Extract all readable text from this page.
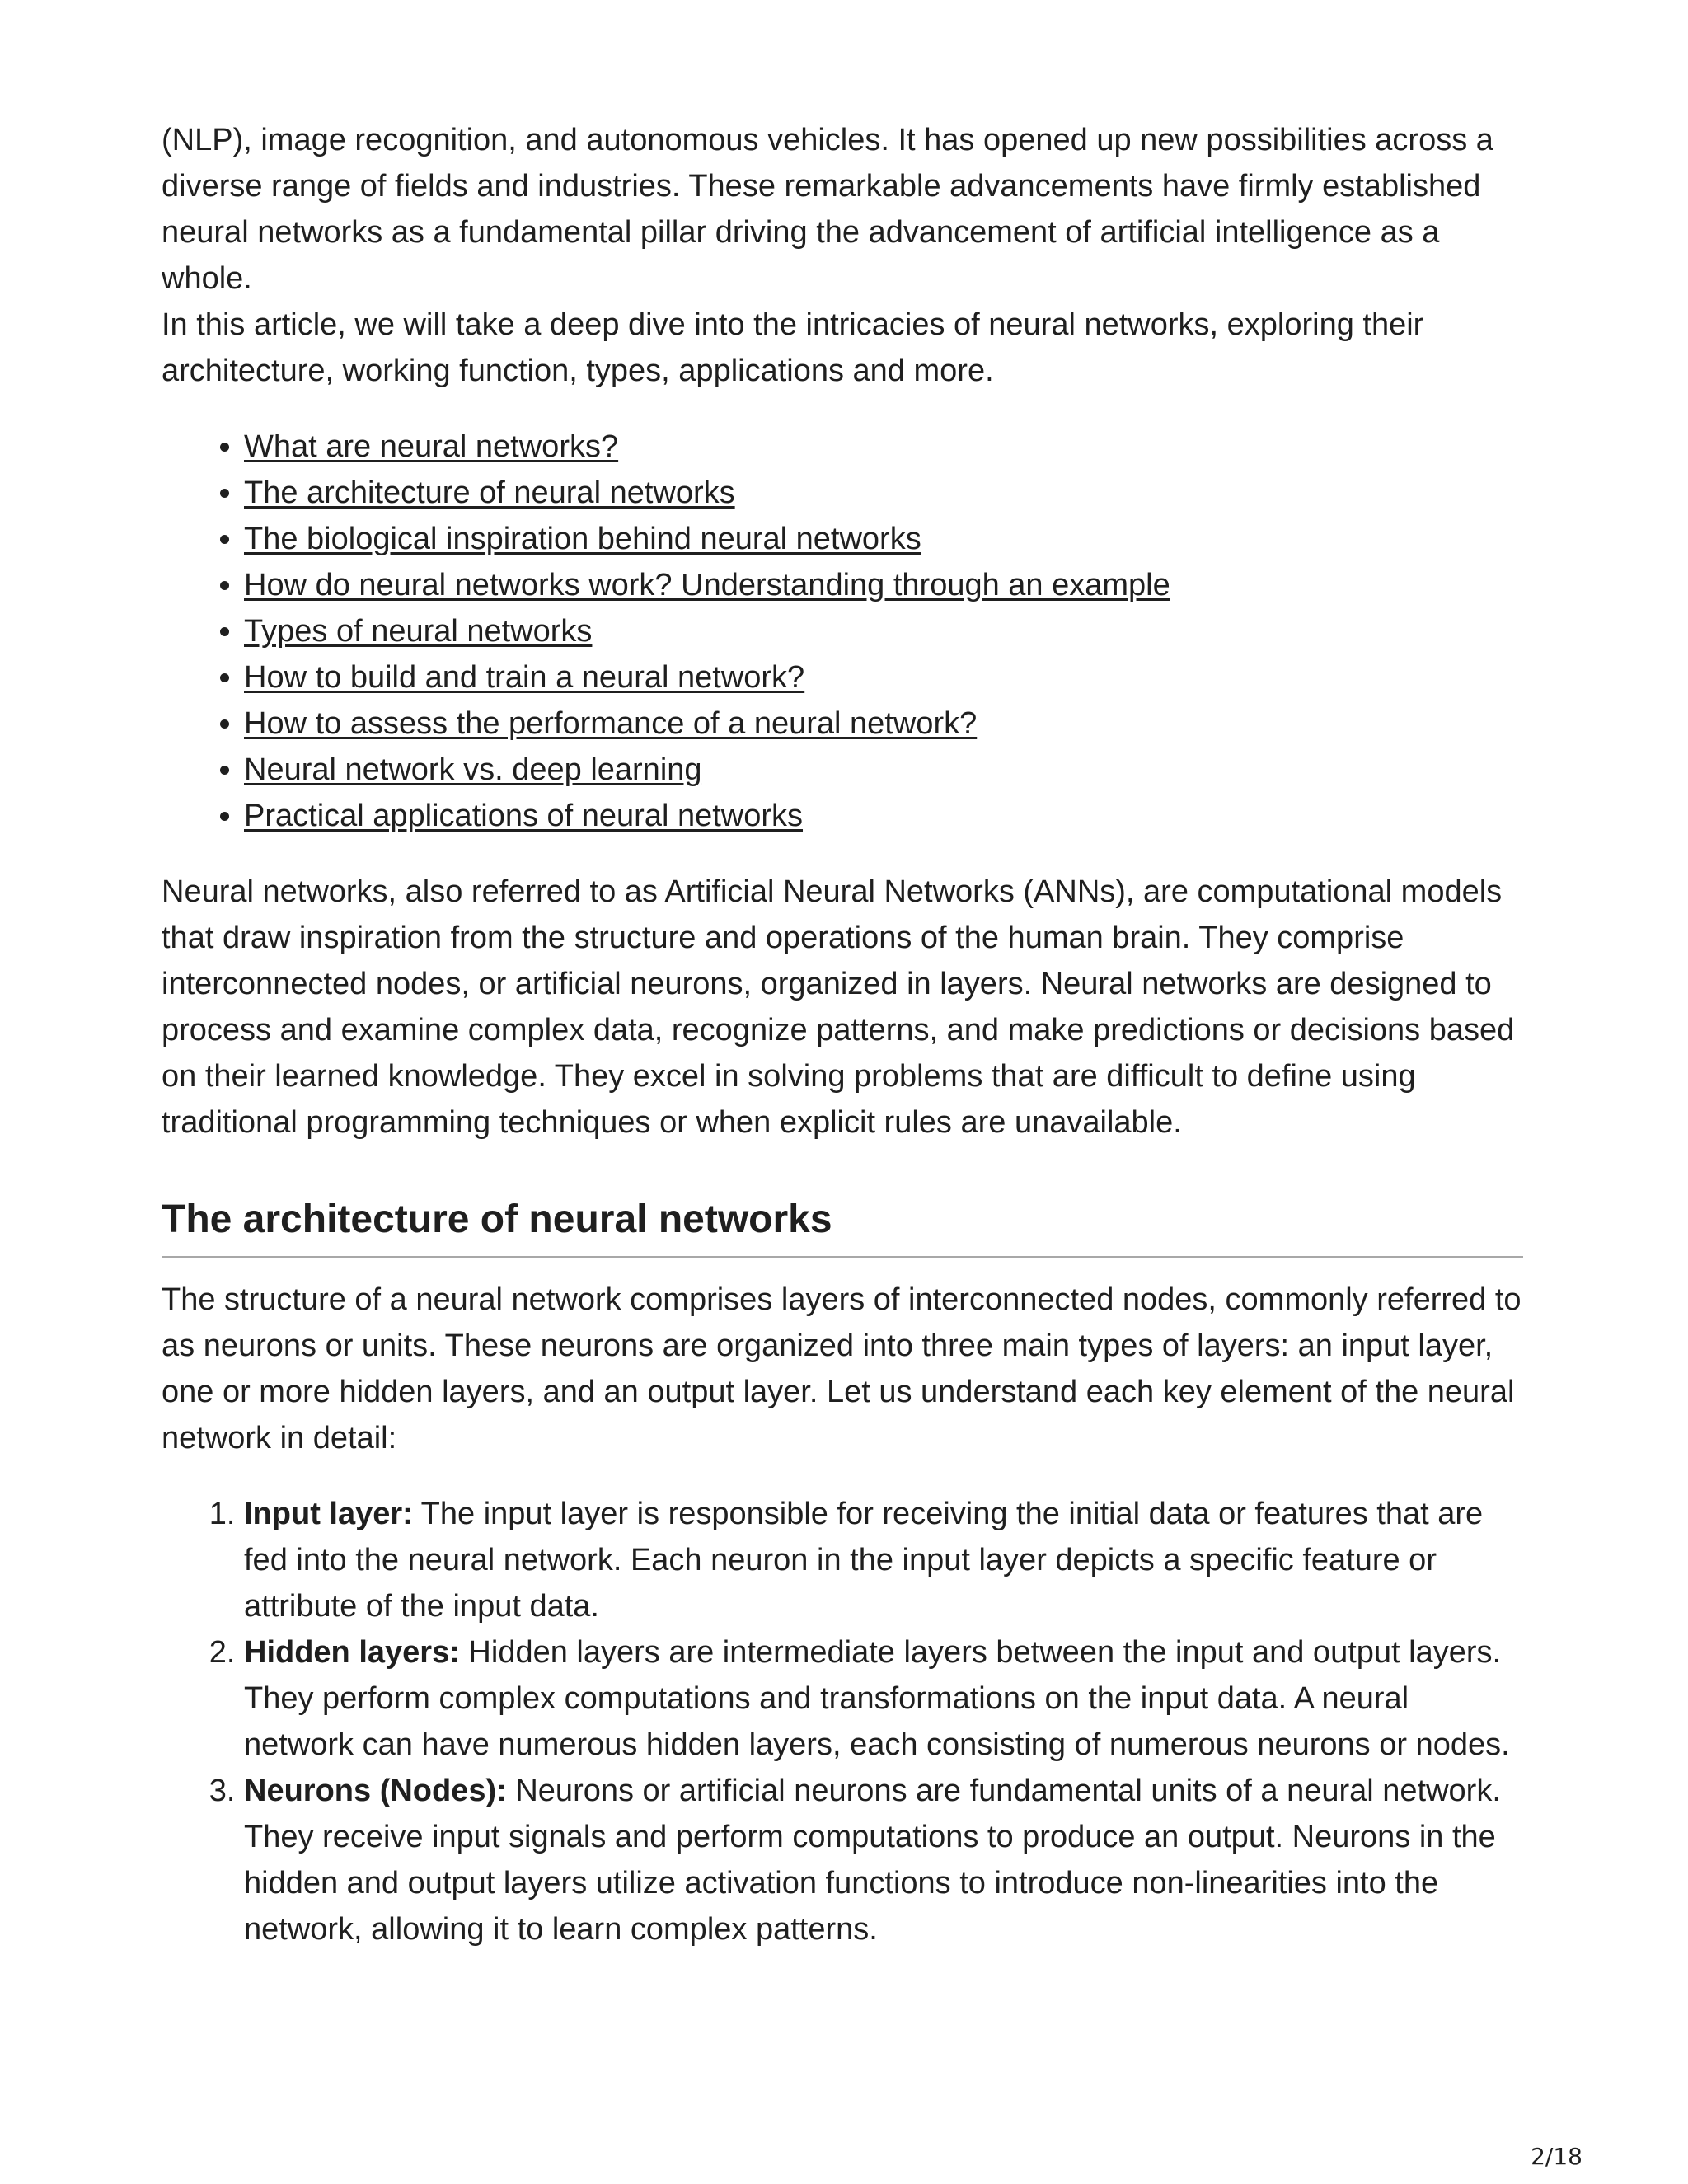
(NLP), image recognition, and autonomous vehicles. It has opened up new possibilities across a diverse range of fields and industries. These remarkable advancements have firmly established neural networks as a fundamental pillar driving the advancement of artificial intelligence as a whole.

In this article, we will take a deep dive into the intricacies of neural networks, exploring their architecture, working function, types, applications and more.

• What are neural networks?
• The architecture of neural networks
• The biological inspiration behind neural networks
• How do neural networks work? Understanding through an example
• Types of neural networks
• How to build and train a neural network?
• How to assess the performance of a neural network?
• Neural network vs. deep learning
• Practical applications of neural networks

Neural networks, also referred to as Artificial Neural Networks (ANNs), are computational models that draw inspiration from the structure and operations of the human brain. They comprise interconnected nodes, or artificial neurons, organized in layers. Neural networks are designed to process and examine complex data, recognize patterns, and make predictions or decisions based on their learned knowledge. They excel in solving problems that are difficult to define using traditional programming techniques or when explicit rules are unavailable.

The architecture of neural networks

The structure of a neural network comprises layers of interconnected nodes, commonly referred to as neurons or units. These neurons are organized into three main types of layers: an input layer, one or more hidden layers, and an output layer. Let us understand each key element of the neural network in detail:

1. Input layer: The input layer is responsible for receiving the initial data or features that are fed into the neural network. Each neuron in the input layer depicts a specific feature or attribute of the input data.
2. Hidden layers: Hidden layers are intermediate layers between the input and output layers. They perform complex computations and transformations on the input data. A neural network can have numerous hidden layers, each consisting of numerous neurons or nodes.
3. Neurons (Nodes): Neurons or artificial neurons are fundamental units of a neural network. They receive input signals and perform computations to produce an output. Neurons in the hidden and output layers utilize activation functions to introduce non-linearities into the network, allowing it to learn complex patterns.
2/18
